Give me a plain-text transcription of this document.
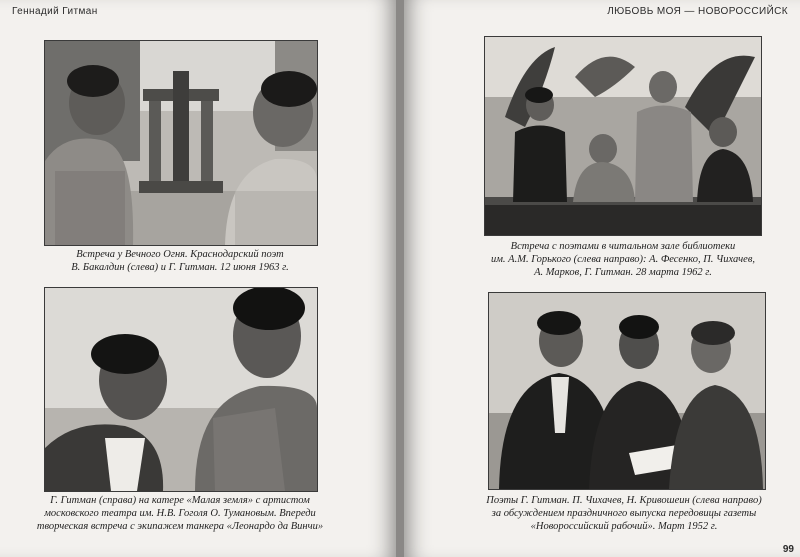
Геннадий Гитман
Встреча у Вечного Огня. Краснодарский поэт
В. Бакалдин (слева) и Г. Гитман. 12 июня 1963 г.
Г. Гитман (справа) на катере «Малая земля» с артистом
московского театра им. Н.В. Гоголя О. Тумановым. Впереди
творческая встреча с экипажем танкера «Леонардо да Винчи»
ЛЮБОВЬ МОЯ — НОВОРОССИЙСК
Встреча с поэтами в читальном зале библиотеки
им. А.М. Горького (слева направо): А. Фесенко, П. Чихачев,
А. Марков, Г. Гитман. 28 марта 1962 г.
Поэты Г. Гитман. П. Чихачев, Н. Кривошеин (слева направо)
за обсуждением праздничного выпуска передовицы газеты
«Новороссийский рабочий». Март 1952 г.
99
